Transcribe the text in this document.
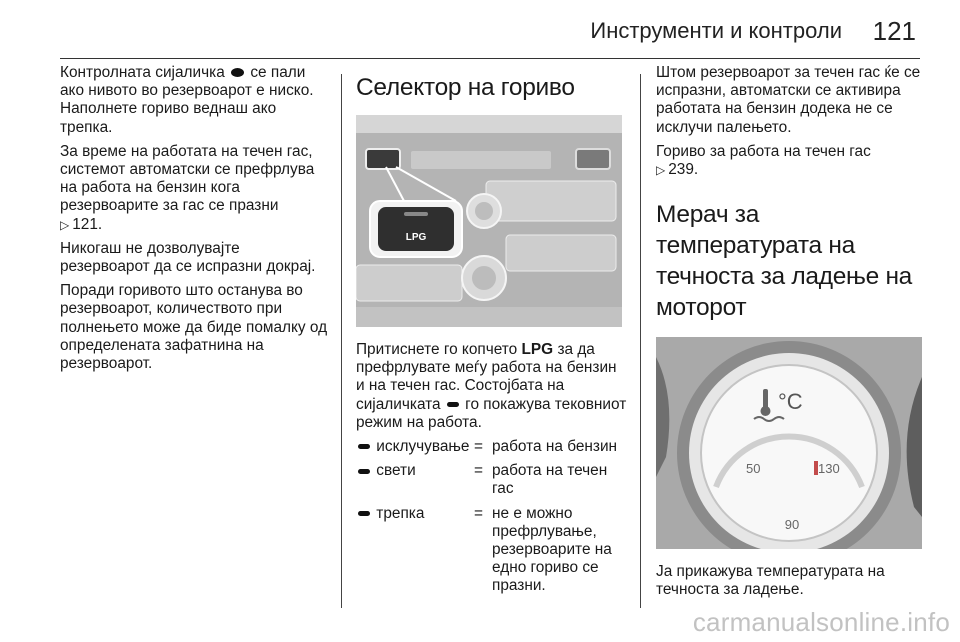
Инструменти и контроли 121

Контролната сијаличка се пали ако нивото во резервоарот е ниско. Наполнете гориво веднаш ако трепка.

За време на работата на течен гас, системот автоматски се префрлува на работа на бензин кога резервоарите за гас се празни
▷ 121.

Никогаш не дозволувајте резервоарот да се испразни докрај.

Поради горивото што останува во резервоарот, количеството при полнењето може да биде помалку од определената зафатнина на резервоарот.

Селектор на гориво
LPG

Притиснете го копчето LPG за да префрлувате меѓу работа на бензин и на течен гас. Состојбата на сијаличката го покажува тековниот режим на работа.

исклучување	=	работа на бензин
свети	=	работа на течен гас
трепка	=	не е можно префрлување, резервоарите на едно гориво се празни.

Штом резервоарот за течен гас ќе се испразни, автоматски се активира работата на бензин додека не се исклучи палењето.

Гориво за работа на течен гас
▷ 239.

Мерач за температурата на течноста за ладење на моторот
°C
50
90
130

Ја прикажува температурата на течноста за ладење.

carmanualsonline.info
